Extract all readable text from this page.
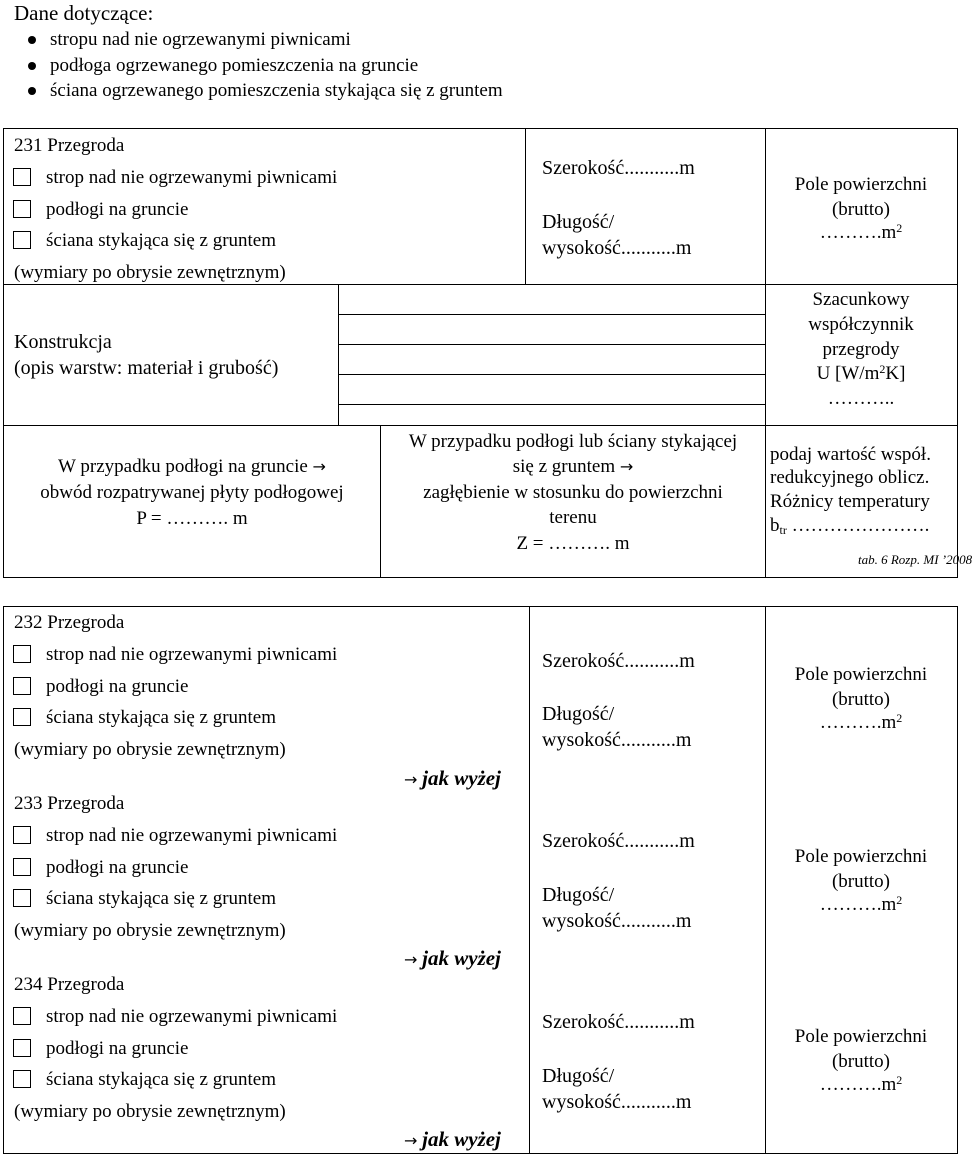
Dane dotyczące:
stropu nad nie ogrzewanymi piwnicami
podłoga ogrzewanego pomieszczenia na gruncie
ściana ogrzewanego pomieszczenia stykająca się z gruntem
231 Przegroda
strop nad nie ogrzewanymi piwnicami
podłogi na gruncie
ściana stykająca się z gruntem
(wymiary po obrysie zewnętrznym)
Szerokość...........m
Długość/
wysokość...........m
Pole powierzchni
(brutto)
$\dots\dots\dots.m^2$
Konstrukcja
(opis warstw: materiał i grubość)
Szacunkowy
współczynnik
przegrody
U $[W/m^2K]$
………..
W przypadku podłogi na gruncie →
obwód rozpatrywanej płyty podłogowej
P = ………. m
W przypadku podłogi lub ściany stykającej
się z gruntem →
zagłębienie w stosunku do powierzchni
terenu
Z = ………. m
podaj wartość współ.
redukcyjnego oblicz.
Różnicy temperatury
$b_{tr}$ ………………….
tab. 6 Rozp. MI ’2008
232 Przegroda
strop nad nie ogrzewanymi piwnicami
podłogi na gruncie
ściana stykająca się z gruntem
(wymiary po obrysie zewnętrznym)
→ jak wyżej
Szerokość...........m
Długość/
wysokość...........m
Pole powierzchni
(brutto)
$\dots\dots\dots.m^2$
233 Przegroda
strop nad nie ogrzewanymi piwnicami
podłogi na gruncie
ściana stykająca się z gruntem
(wymiary po obrysie zewnętrznym)
→ jak wyżej
Szerokość...........m
Długość/
wysokość...........m
Pole powierzchni
(brutto)
$\dots\dots\dots.m^2$
234 Przegroda
strop nad nie ogrzewanymi piwnicami
podłogi na gruncie
ściana stykająca się z gruntem
(wymiary po obrysie zewnętrznym)
→ jak wyżej
Szerokość...........m
Długość/
wysokość...........m
Pole powierzchni
(brutto)
$\dots\dots\dots.m^2$
